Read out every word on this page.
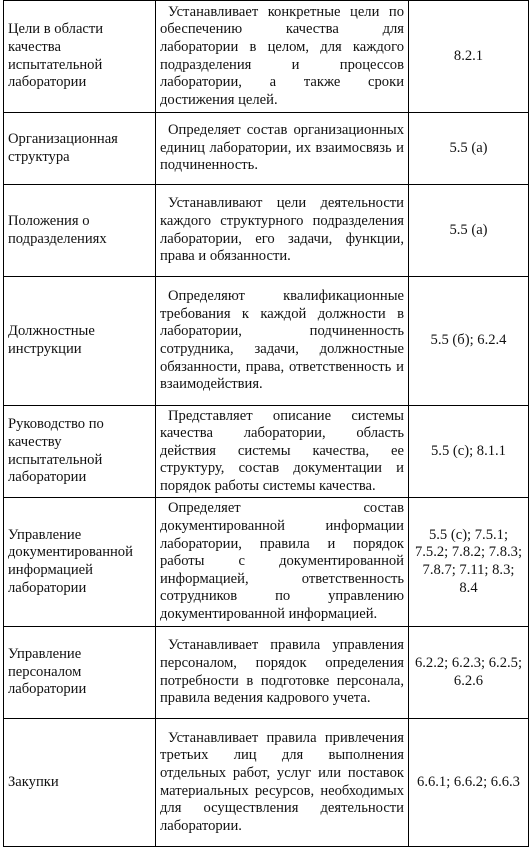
Цели в области качества испытательной лаборатории	Устанавливает конкретные цели по обеспечению качества для лаборатории в целом, для каждого подразделения и процессов лаборатории, а также сроки достижения целей.	8.2.1
Организационная структура	Определяет состав организационных единиц лаборатории, их взаимосвязь и подчиненность.	5.5 (а)
Положения о подразделениях	Устанавливают цели деятельности каждого структурного подразделения лаборатории, его задачи, функции, права и обязанности.	5.5 (а)
Должностные инструкции	Определяют квалификационные требования к каждой должности в лаборатории, подчиненность сотрудника, задачи, должностные обязанности, права, ответственность и взаимодействия.	5.5 (б); 6.2.4
Руководство по качеству испытательной лаборатории	Представляет описание системы качества лаборатории, область действия системы качества, ее структуру, состав документации и порядок работы системы качества.	5.5 (с); 8.1.1
Управление документированной информацией лаборатории	Определяет состав документированной информации лаборатории, правила и порядок работы с документированной информацией, ответственность сотрудников по управлению документированной информацией.	5.5 (с); 7.5.1; 7.5.2; 7.8.2; 7.8.3; 7.8.7; 7.11; 8.3; 8.4
Управление персоналом лаборатории	Устанавливает правила управления персоналом, порядок определения потребности в подготовке персонала, правила ведения кадрового учета.	6.2.2; 6.2.3; 6.2.5; 6.2.6
Закупки	Устанавливает правила привлечения третьих лиц для выполнения отдельных работ, услуг или поставок материальных ресурсов, необходимых для осуществления деятельности лаборатории.	6.6.1; 6.6.2; 6.6.3
